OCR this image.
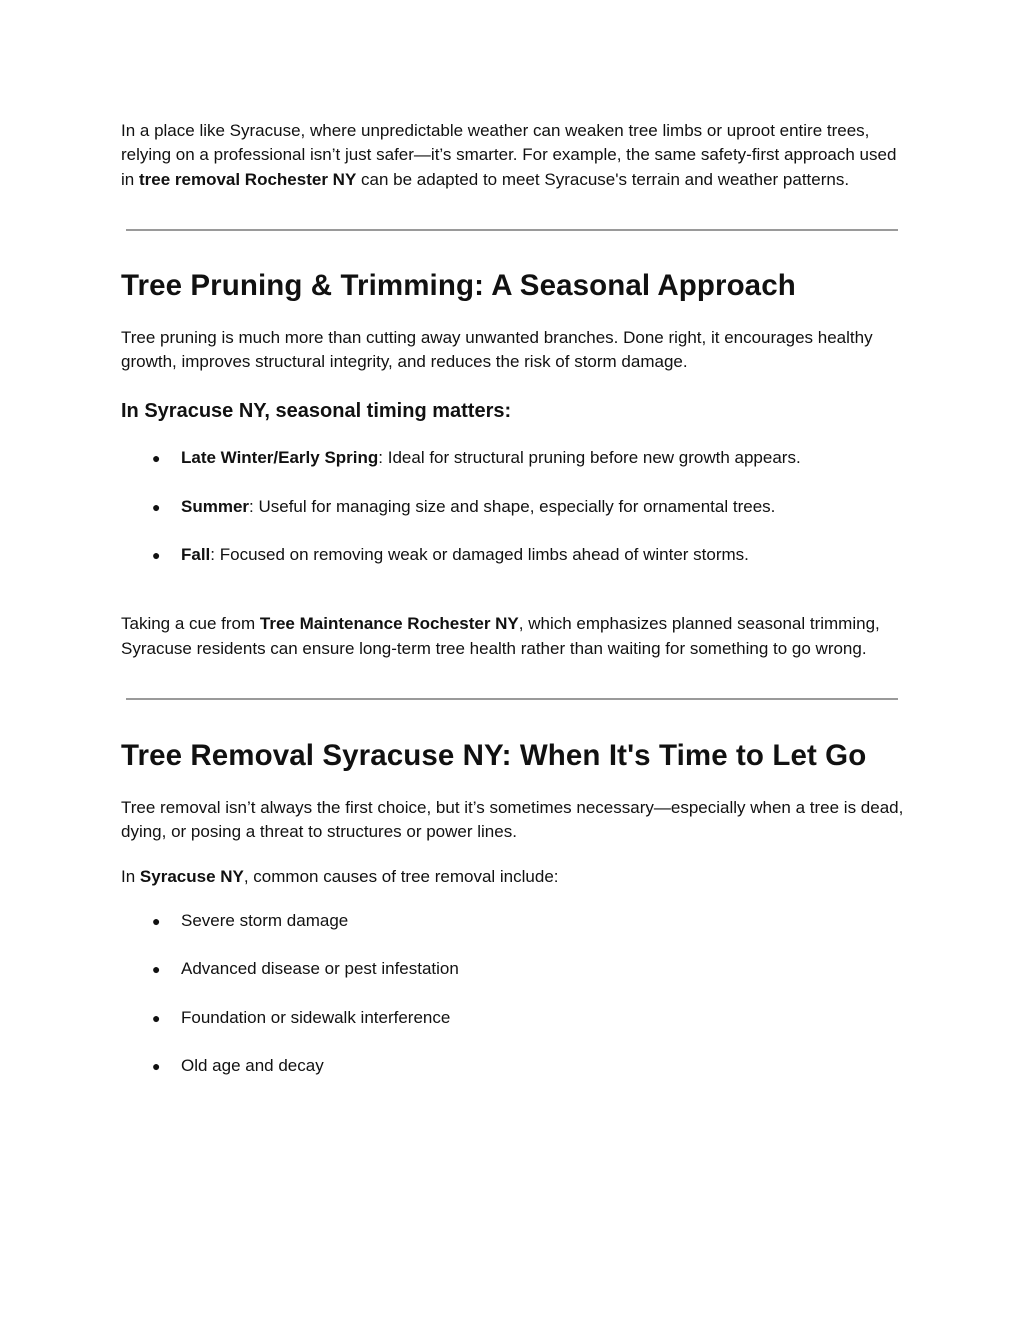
In a place like Syracuse, where unpredictable weather can weaken tree limbs or uproot entire trees, relying on a professional isn’t just safer—it’s smarter. For example, the same safety-first approach used in tree removal Rochester NY can be adapted to meet Syracuse's terrain and weather patterns.

Tree Pruning & Trimming: A Seasonal Approach

Tree pruning is much more than cutting away unwanted branches. Done right, it encourages healthy growth, improves structural integrity, and reduces the risk of storm damage.

In Syracuse NY, seasonal timing matters:
● Late Winter/Early Spring: Ideal for structural pruning before new growth appears.
● Summer: Useful for managing size and shape, especially for ornamental trees.
● Fall: Focused on removing weak or damaged limbs ahead of winter storms.

Taking a cue from Tree Maintenance Rochester NY, which emphasizes planned seasonal trimming, Syracuse residents can ensure long-term tree health rather than waiting for something to go wrong.

Tree Removal Syracuse NY: When It's Time to Let Go

Tree removal isn’t always the first choice, but it’s sometimes necessary—especially when a tree is dead, dying, or posing a threat to structures or power lines.

In Syracuse NY, common causes of tree removal include:

● Severe storm damage
● Advanced disease or pest infestation
● Foundation or sidewalk interference
● Old age and decay
